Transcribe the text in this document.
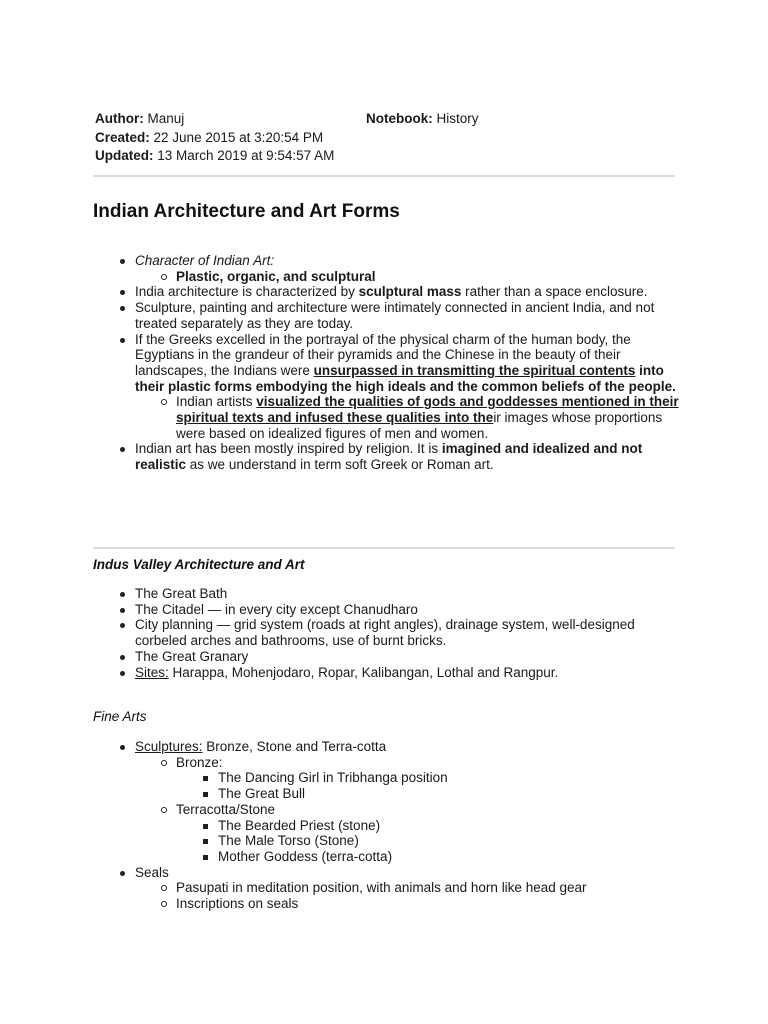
Author: Manuj	Notebook: History
Created: 22 June 2015 at 3:20:54 PM
Updated: 13 March 2019 at 9:54:57 AM
Indian Architecture and Art Forms
Character of Indian Art:
Plastic, organic, and sculptural
India architecture is characterized by sculptural mass rather than a space enclosure.
Sculpture, painting and architecture were intimately connected in ancient India, and not treated separately as they are today.
If the Greeks excelled in the portrayal of the physical charm of the human body, the Egyptians in the grandeur of their pyramids and the Chinese in the beauty of their landscapes, the Indians were unsurpassed in transmitting the spiritual contents into their plastic forms embodying the high ideals and the common beliefs of the people.
Indian artists visualized the qualities of gods and goddesses mentioned in their spiritual texts and infused these qualities into their images whose proportions were based on idealized figures of men and women.
Indian art has been mostly inspired by religion. It is imagined and idealized and not realistic as we understand in term soft Greek or Roman art.
Indus Valley Architecture and Art
The Great Bath
The Citadel — in every city except Chanudharo
City planning — grid system (roads at right angles), drainage system, well-designed corbeled arches and bathrooms, use of burnt bricks.
The Great Granary
Sites: Harappa, Mohenjodaro, Ropar, Kalibangan, Lothal and Rangpur.
Fine Arts
Sculptures: Bronze, Stone and Terra-cotta
Bronze:
The Dancing Girl in Tribhanga position
The Great Bull
Terracotta/Stone
The Bearded Priest (stone)
The Male Torso (Stone)
Mother Goddess (terra-cotta)
Seals
Pasupati in meditation position, with animals and horn like head gear
Inscriptions on seals
